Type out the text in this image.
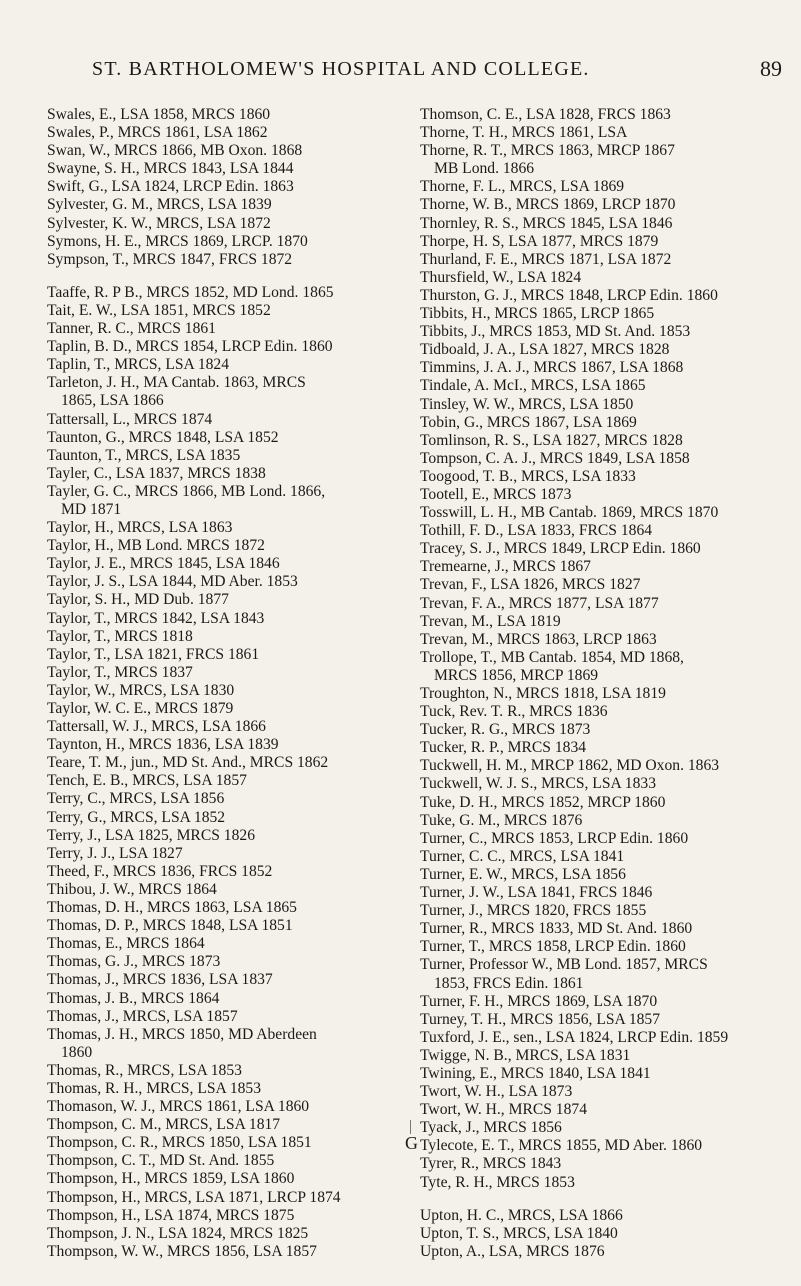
ST. BARTHOLOMEW'S HOSPITAL AND COLLEGE.	89
Swales, E., LSA 1858, MRCS 1860
Swales, P., MRCS 1861, LSA 1862
Swan, W., MRCS 1866, MB Oxon. 1868
Swayne, S. H., MRCS 1843, LSA 1844
Swift, G., LSA 1824, LRCP Edin. 1863
Sylvester, G. M., MRCS, LSA 1839
Sylvester, K. W., MRCS, LSA 1872
Symons, H. E., MRCS 1869, LRCP. 1870
Sympson, T., MRCS 1847, FRCS 1872
Taaffe, R. P B., MRCS 1852, MD Lond. 1865
Tait, E. W., LSA 1851, MRCS 1852
Tanner, R. C., MRCS 1861
Taplin, B. D., MRCS 1854, LRCP Edin. 1860
Taplin, T., MRCS, LSA 1824
Tarleton, J. H., MA Cantab. 1863, MRCS
1865, LSA 1866
Tattersall, L., MRCS 1874
Taunton, G., MRCS 1848, LSA 1852
Taunton, T., MRCS, LSA 1835
Tayler, C., LSA 1837, MRCS 1838
Tayler, G. C., MRCS 1866, MB Lond. 1866,
MD 1871
Taylor, H., MRCS, LSA 1863
Taylor, H., MB Lond. MRCS 1872
Taylor, J. E., MRCS 1845, LSA 1846
Taylor, J. S., LSA 1844, MD Aber. 1853
Taylor, S. H., MD Dub. 1877
Taylor, T., MRCS 1842, LSA 1843
Taylor, T., MRCS 1818
Taylor, T., LSA 1821, FRCS 1861
Taylor, T., MRCS 1837
Taylor, W., MRCS, LSA 1830
Taylor, W. C. E., MRCS 1879
Tattersall, W. J., MRCS, LSA 1866
Taynton, H., MRCS 1836, LSA 1839
Teare, T. M., jun., MD St. And., MRCS 1862
Tench, E. B., MRCS, LSA 1857
Terry, C., MRCS, LSA 1856
Terry, G., MRCS, LSA 1852
Terry, J., LSA 1825, MRCS 1826
Terry, J. J., LSA 1827
Theed, F., MRCS 1836, FRCS 1852
Thibou, J. W., MRCS 1864
Thomas, D. H., MRCS 1863, LSA 1865
Thomas, D. P., MRCS 1848, LSA 1851
Thomas, E., MRCS 1864
Thomas, G. J., MRCS 1873
Thomas, J., MRCS 1836, LSA 1837
Thomas, J. B., MRCS 1864
Thomas, J., MRCS, LSA 1857
Thomas, J. H., MRCS 1850, MD Aberdeen
1860
Thomas, R., MRCS, LSA 1853
Thomas, R. H., MRCS, LSA 1853
Thomason, W. J., MRCS 1861, LSA 1860
Thompson, C. M., MRCS, LSA 1817
Thompson, C. R., MRCS 1850, LSA 1851
Thompson, C. T., MD St. And. 1855
Thompson, H., MRCS 1859, LSA 1860
Thompson, H., MRCS, LSA 1871, LRCP 1874
Thompson, H., LSA 1874, MRCS 1875
Thompson, J. N., LSA 1824, MRCS 1825
Thompson, W. W., MRCS 1856, LSA 1857
Thomson, C. E., LSA 1828, FRCS 1863
Thorne, T. H., MRCS 1861, LSA
Thorne, R. T., MRCS 1863, MRCP 1867
MB Lond. 1866
Thorne, F. L., MRCS, LSA 1869
Thorne, W. B., MRCS 1869, LRCP 1870
Thornley, R. S., MRCS 1845, LSA 1846
Thorpe, H. S, LSA 1877, MRCS 1879
Thurland, F. E., MRCS 1871, LSA 1872
Thursfield, W., LSA 1824
Thurston, G. J., MRCS 1848, LRCP Edin. 1860
Tibbits, H., MRCS 1865, LRCP 1865
Tibbits, J., MRCS 1853, MD St. And. 1853
Tidboald, J. A., LSA 1827, MRCS 1828
Timmins, J. A. J., MRCS 1867, LSA 1868
Tindale, A. McI., MRCS, LSA 1865
Tinsley, W. W., MRCS, LSA 1850
Tobin, G., MRCS 1867, LSA 1869
Tomlinson, R. S., LSA 1827, MRCS 1828
Tompson, C. A. J., MRCS 1849, LSA 1858
Toogood, T. B., MRCS, LSA 1833
Tootell, E., MRCS 1873
Tosswill, L. H., MB Cantab. 1869, MRCS 1870
Tothill, F. D., LSA 1833, FRCS 1864
Tracey, S. J., MRCS 1849, LRCP Edin. 1860
Tremearne, J., MRCS 1867
Trevan, F., LSA 1826, MRCS 1827
Trevan, F. A., MRCS 1877, LSA 1877
Trevan, M., LSA 1819
Trevan, M., MRCS 1863, LRCP 1863
Trollope, T., MB Cantab. 1854, MD 1868,
MRCS 1856, MRCP 1869
Troughton, N., MRCS 1818, LSA 1819
Tuck, Rev. T. R., MRCS 1836
Tucker, R. G., MRCS 1873
Tucker, R. P., MRCS 1834
Tuckwell, H. M., MRCP 1862, MD Oxon. 1863
Tuckwell, W. J. S., MRCS, LSA 1833
Tuke, D. H., MRCS 1852, MRCP 1860
Tuke, G. M., MRCS 1876
Turner, C., MRCS 1853, LRCP Edin. 1860
Turner, C. C., MRCS, LSA 1841
Turner, E. W., MRCS, LSA 1856
Turner, J. W., LSA 1841, FRCS 1846
Turner, J., MRCS 1820, FRCS 1855
Turner, R., MRCS 1833, MD St. And. 1860
Turner, T., MRCS 1858, LRCP Edin. 1860
Turner, Professor W., MB Lond. 1857, MRCS
1853, FRCS Edin. 1861
Turner, F. H., MRCS 1869, LSA 1870
Turney, T. H., MRCS 1856, LSA 1857
Tuxford, J. E., sen., LSA 1824, LRCP Edin. 1859
Twigge, N. B., MRCS, LSA 1831
Twining, E., MRCS 1840, LSA 1841
Twort, W. H., LSA 1873
Twort, W. H., MRCS 1874
Tyack, J., MRCS 1856
Tylecote, E. T., MRCS 1855, MD Aber. 1860
Tyrer, R., MRCS 1843
Tyte, R. H., MRCS 1853
Upton, H. C., MRCS, LSA 1866
Upton, T. S., MRCS, LSA 1840
Upton, A., LSA, MRCS 1876
G
